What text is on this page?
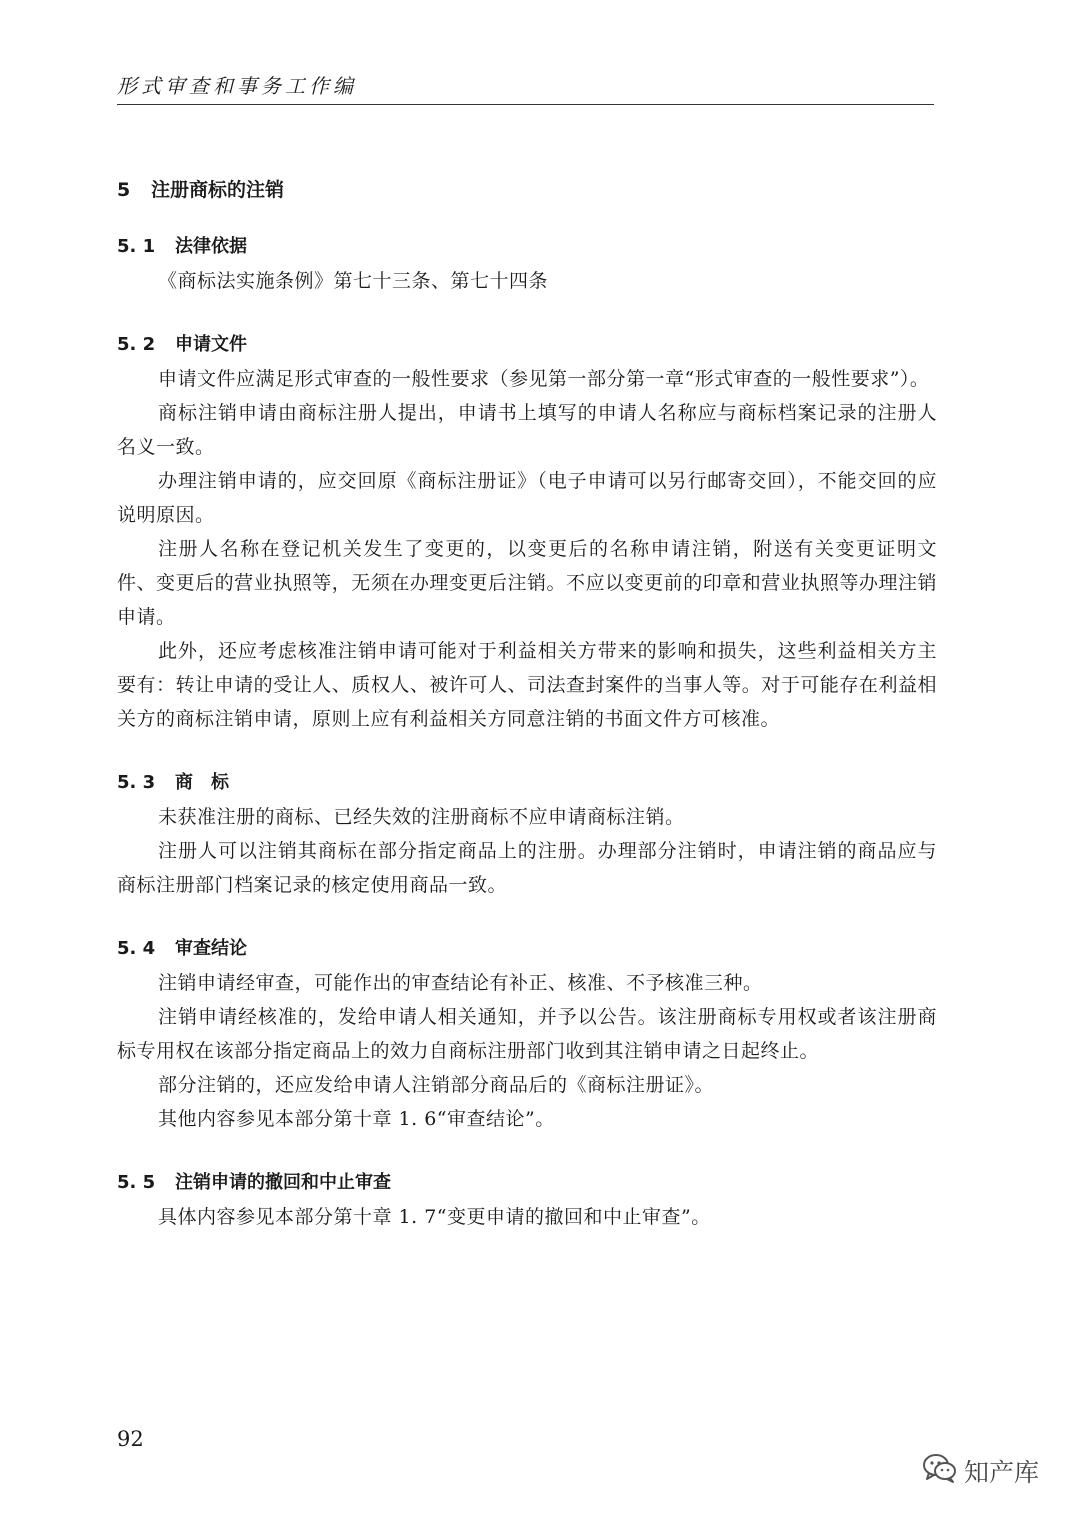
形式审查和事务工作编
5 注册商标的注销
5. 1 法律依据

《商标法实施条例》第七十三条、第七十四条

5. 2 申请文件

申请文件应满足形式审查的一般性要求（参见第一部分第一章“形式审查的一般性要求”）。

商标注销申请由商标注册人提出，申请书上填写的申请人名称应与商标档案记录的注册人名义一致。

办理注销申请的，应交回原《商标注册证》（电子申请可以另行邮寄交回），不能交回的应说明原因。

注册人名称在登记机关发生了变更的，以变更后的名称申请注销，附送有关变更证明文件、变更后的营业执照等，无须在办理变更后注销。不应以变更前的印章和营业执照等办理注销申请。

此外，还应考虑核准注销申请可能对于利益相关方带来的影响和损失，这些利益相关方主要有：转让申请的受让人、质权人、被许可人、司法查封案件的当事人等。对于可能存在利益相关方的商标注销申请，原则上应有利益相关方同意注销的书面文件方可核准。

5. 3 商　标

未获准注册的商标、已经失效的注册商标不应申请商标注销。

注册人可以注销其商标在部分指定商品上的注册。办理部分注销时，申请注销的商品应与商标注册部门档案记录的核定使用商品一致。

5. 4 审查结论

注销申请经审查，可能作出的审查结论有补正、核准、不予核准三种。

注销申请经核准的，发给申请人相关通知，并予以公告。该注册商标专用权或者该注册商标专用权在该部分指定商品上的效力自商标注册部门收到其注销申请之日起终止。

部分注销的，还应发给申请人注销部分商品后的《商标注册证》。

其他内容参见本部分第十章 1. 6“审查结论”。

5. 5 注销申请的撤回和中止审查

具体内容参见本部分第十章 1. 7“变更申请的撤回和中止审查”。

92
知产库
